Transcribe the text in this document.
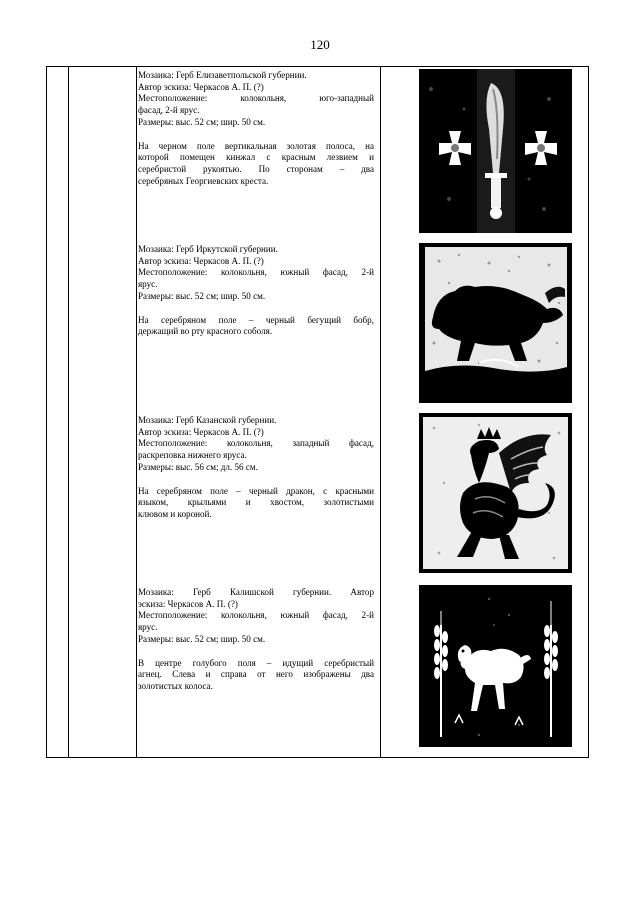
120

Мозаика: Герб Елизаветпольской губернии.

Автор эскиза: Черкасов А. П. (?)

Местоположение: колокольня, юго-западный

фасад, 2-й ярус.

Размеры: выс. 52 см; шир. 50 см.

На черном поле вертикальная золотая полоса, на

которой помещен кинжал с красным лезвием и

серебристой рукоятью. По сторонам – два

серебряных Георгиевских креста.

Мозаика: Герб Иркутской губернии.

Автор эскиза: Черкасов А. П. (?)

Местоположение: колокольня, южный фасад, 2-й

ярус.

Размеры: выс. 52 см; шир. 50 см.

На серебряном поле – черный бегущий бобр,

держащий во рту красного соболя.

Мозаика: Герб Казанской губернии.

Автор эскиза: Черкасов А. П. (?)

Местоположение: колокольня, западный фасад,

раскреповка нижнего яруса.

Размеры: выс. 56 см; дл. 56 см.

На серебряном поле – черный дракон, с красными

языком, крыльями и хвостом, золотистыми

клювом и короной.

Мозаика: Герб Калишской губернии. Автор

эскиза: Черкасов А. П. (?)

Местоположение: колокольня, южный фасад, 2-й

ярус.

Размеры: выс. 52 см; шир. 50 см.

В центре голубого поля – идущий серебристый

агнец. Слева и справа от него изображены два

золотистых колоса.
